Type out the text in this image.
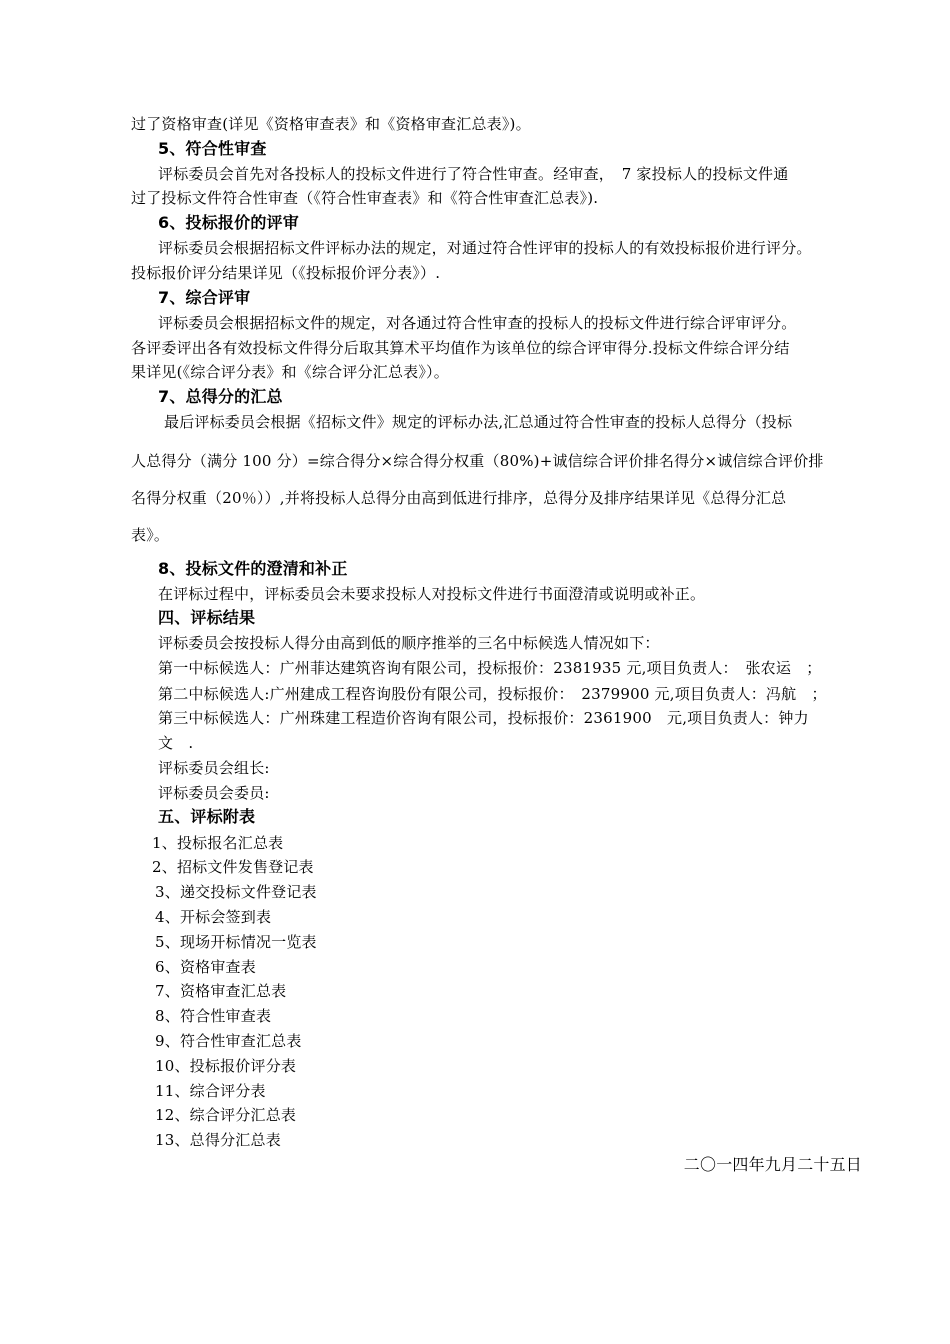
过了资格审查(详见《资格审查表》和《资格审查汇总表》)。
5、符合性审查
评标委员会首先对各投标人的投标文件进行了符合性审查。经审查，　7 家投标人的投标文件通
过了投标文件符合性审查（《符合性审查表》和《符合性审查汇总表》).
6、投标报价的评审
评标委员会根据招标文件评标办法的规定，对通过符合性评审的投标人的有效投标报价进行评分。
投标报价评分结果详见（《投标报价评分表》）.
7、综合评审
评标委员会根据招标文件的规定，对各通过符合性审查的投标人的投标文件进行综合评审评分。
各评委评出各有效投标文件得分后取其算术平均值作为该单位的综合评审得分.投标文件综合评分结
果详见(《综合评分表》和《综合评分汇总表》）。
7、总得分的汇总
最后评标委员会根据《招标文件》规定的评标办法,汇总通过符合性审查的投标人总得分（投标
人总得分（满分 100 分）=综合得分×综合得分权重（80%)+诚信综合评价排名得分×诚信综合评价排
名得分权重（20％））,并将投标人总得分由高到低进行排序，总得分及排序结果详见《总得分汇总
表》。
8、投标文件的澄清和补正
在评标过程中，评标委员会未要求投标人对投标文件进行书面澄清或说明或补正。
四、评标结果
评标委员会按投标人得分由高到低的顺序推举的三名中标候选人情况如下：
第一中标候选人：广州菲达建筑咨询有限公司，投标报价：2381935 元,项目负责人：　张农运　；
第二中标候选人:广州建成工程咨询股份有限公司，投标报价：　2379900 元,项目负责人：冯航　；
第三中标候选人：广州珠建工程造价咨询有限公司，投标报价：2361900　元,项目负责人：钟力
文　.
评标委员会组长:
评标委员会委员:
五、评标附表
1、投标报名汇总表
2、招标文件发售登记表
3、递交投标文件登记表
4、开标会签到表
5、现场开标情况一览表
6、资格审查表
7、资格审查汇总表
8、符合性审查表
9、符合性审查汇总表
10、投标报价评分表
11、综合评分表
12、综合评分汇总表
13、总得分汇总表
二〇一四年九月二十五日
